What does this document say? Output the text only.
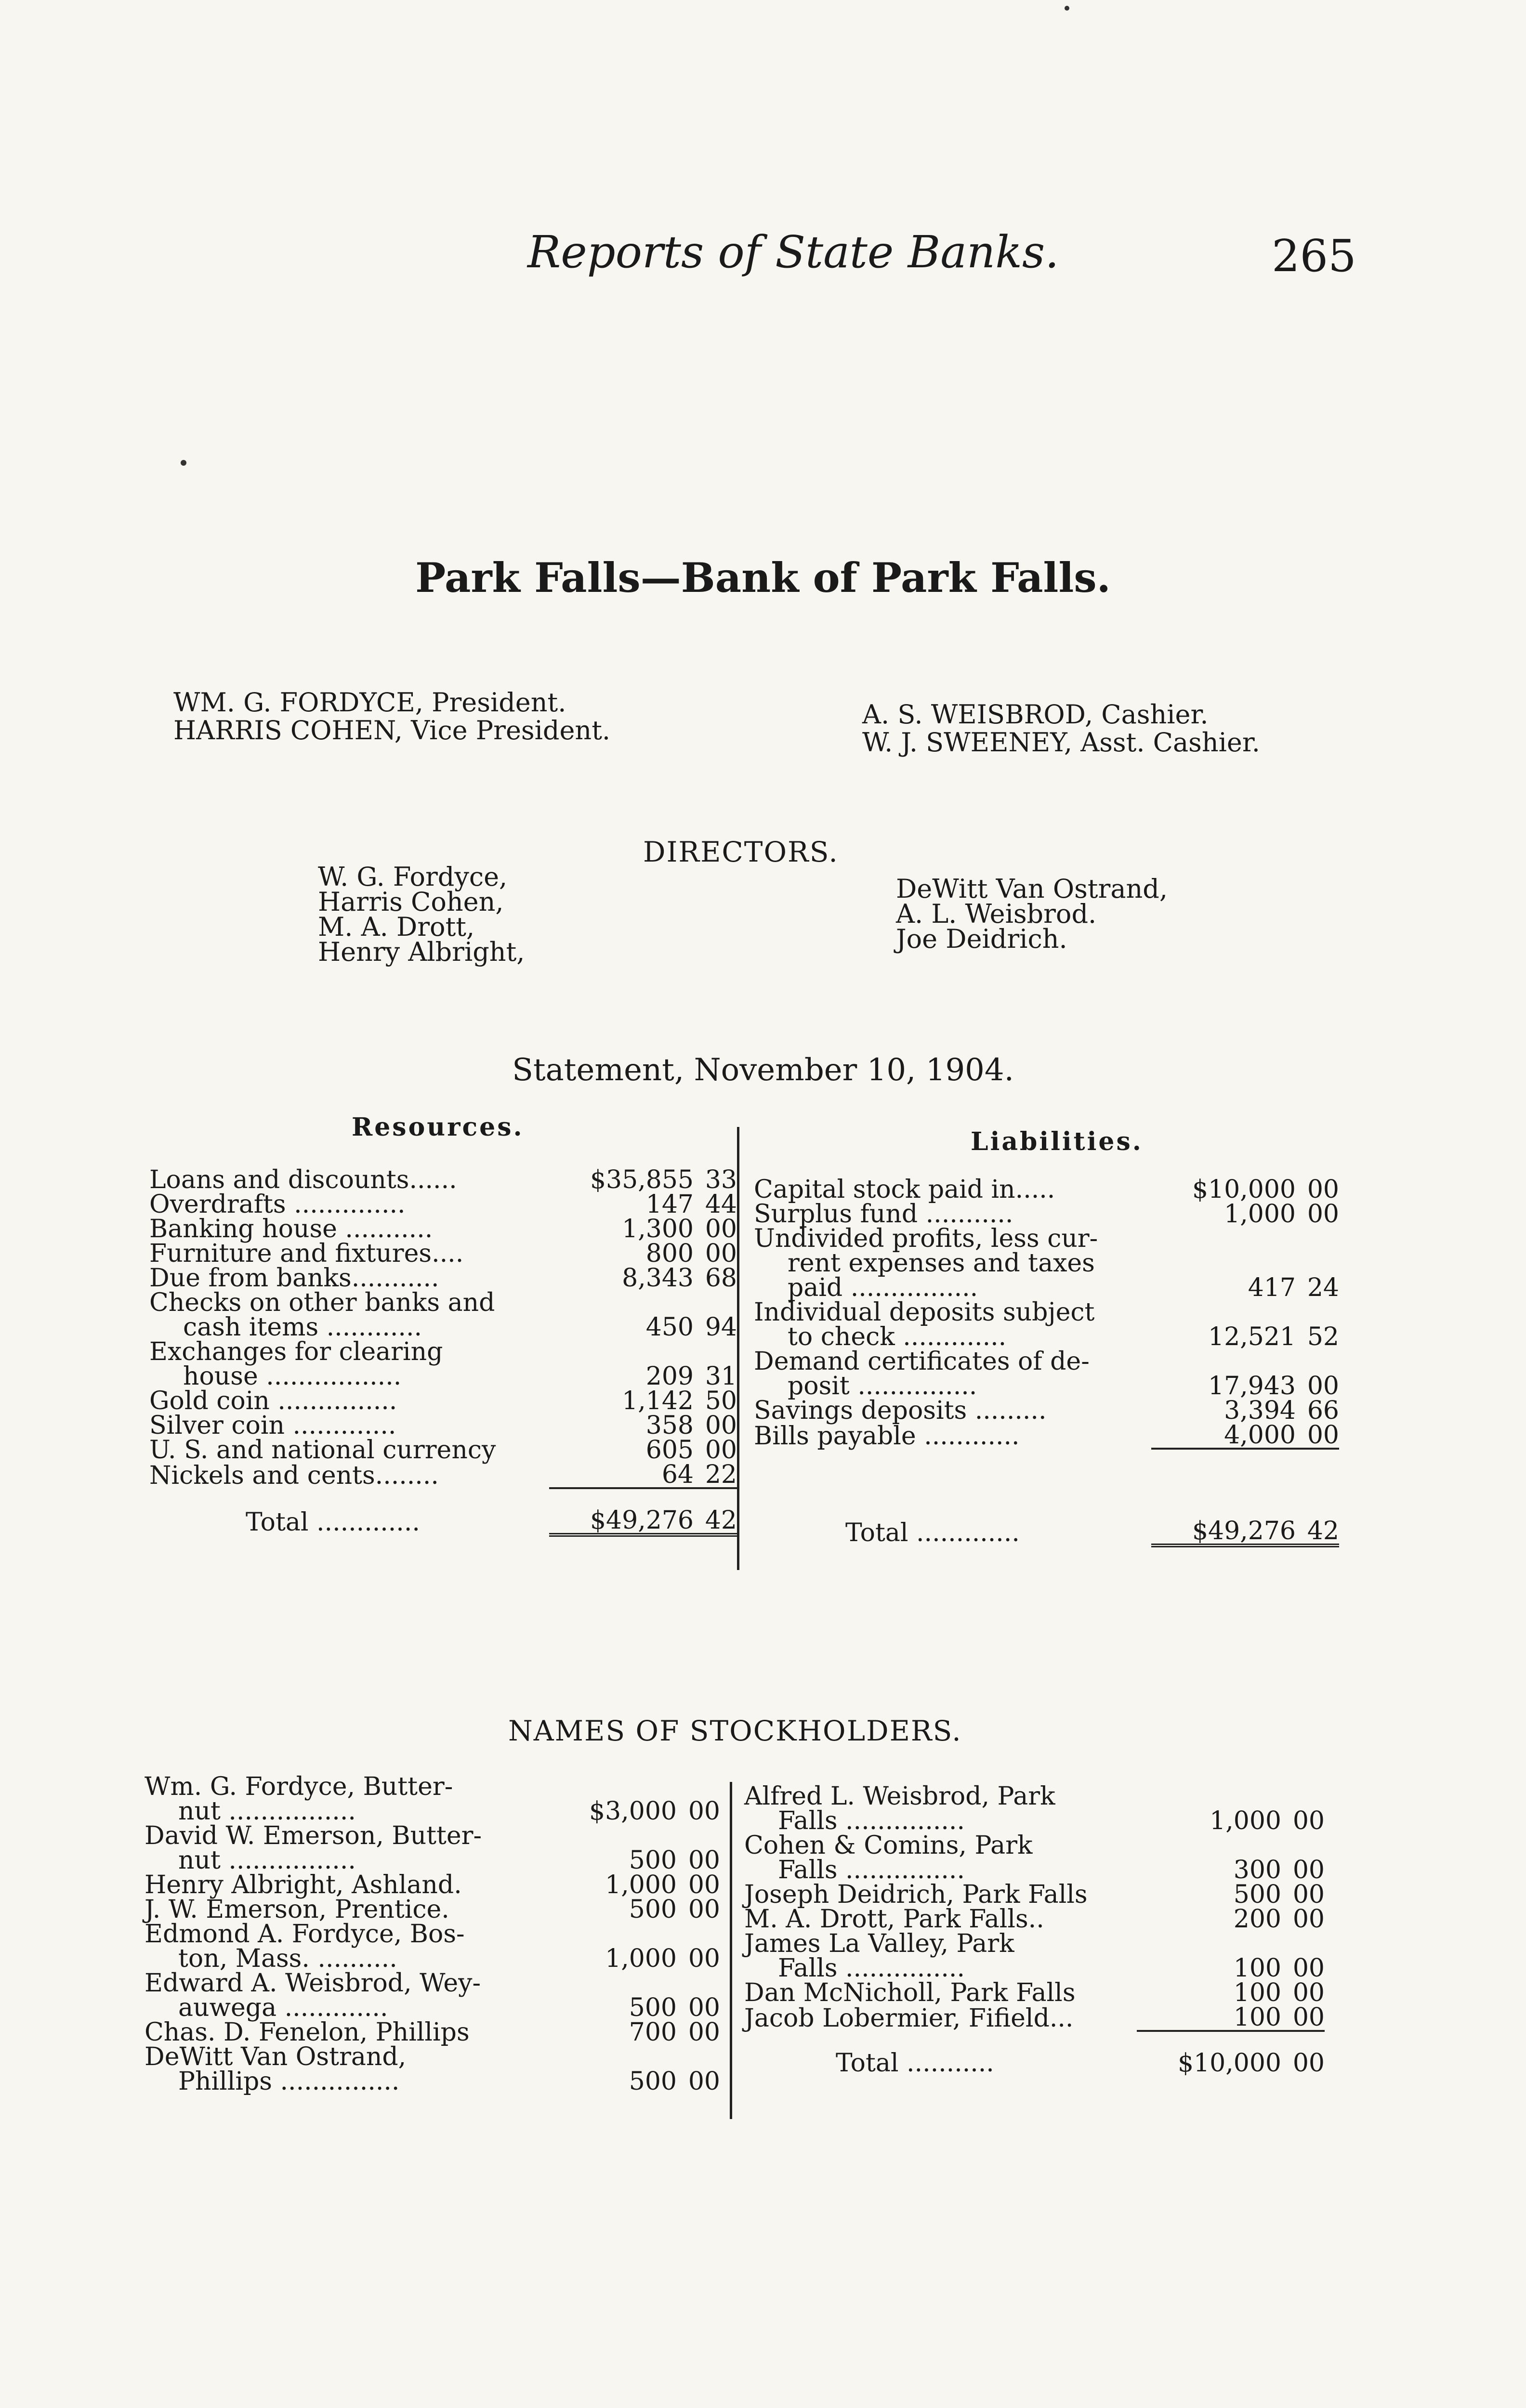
Reports of State Banks.	265
Park Falls—Bank of Park Falls.
WM. G. FORDYCE, President.
HARRIS COHEN, Vice President.
A. S. WEISBROD, Cashier.
W. J. SWEENEY, Asst. Cashier.
DIRECTORS.
W. G. Fordyce,
Harris Cohen,
M. A. Drott,
Henry Albright,
DeWitt Van Ostrand,
A. L. Weisbrod.
Joe Deidrich.
Statement, November 10, 1904.
Resources.
Loans and discounts......	$35,855	33
Overdrafts ..............	147	44
Banking house ...........	1,300	00
Furniture and fixtures....	800	00
Due from banks...........	8,343	68
Checks on other banks and		
cash items ............	450	94
Exchanges for clearing		
house .................	209	31
Gold coin ...............	1,142	50
Silver coin .............	358	00
U. S. and national currency	605	00
Nickels and cents........	64	22
Total .............	$49,276	42
Liabilities.
Capital stock paid in.....	$10,000	00
Surplus fund ...........	1,000	00
Undivided profits, less cur-		
rent expenses and taxes		
paid ................	417	24
Individual deposits subject		
to check .............	12,521	52
Demand certificates of de-		
posit ...............	17,943	00
Savings deposits .........	3,394	66
Bills payable ............	4,000	00
Total .............	$49,276	42
NAMES OF STOCKHOLDERS.
Wm. G. Fordyce, Butter-		
nut ................	$3,000	00
David W. Emerson, Butter-		
nut ................	500	00
Henry Albright, Ashland.	1,000	00
J. W. Emerson, Prentice.	500	00
Edmond A. Fordyce, Bos-		
ton, Mass. ..........	1,000	00
Edward A. Weisbrod, Wey-		
auwega .............	500	00
Chas. D. Fenelon, Phillips	700	00
DeWitt Van Ostrand,		
Phillips ...............	500	00
Alfred L. Weisbrod, Park		
Falls ...............	1,000	00
Cohen & Comins, Park		
Falls ...............	300	00
Joseph Deidrich, Park Falls	500	00
M. A. Drott, Park Falls..	200	00
James La Valley, Park		
Falls ...............	100	00
Dan McNicholl, Park Falls	100	00
Jacob Lobermier, Fifield...	100	00
Total ...........	$10,000	00
